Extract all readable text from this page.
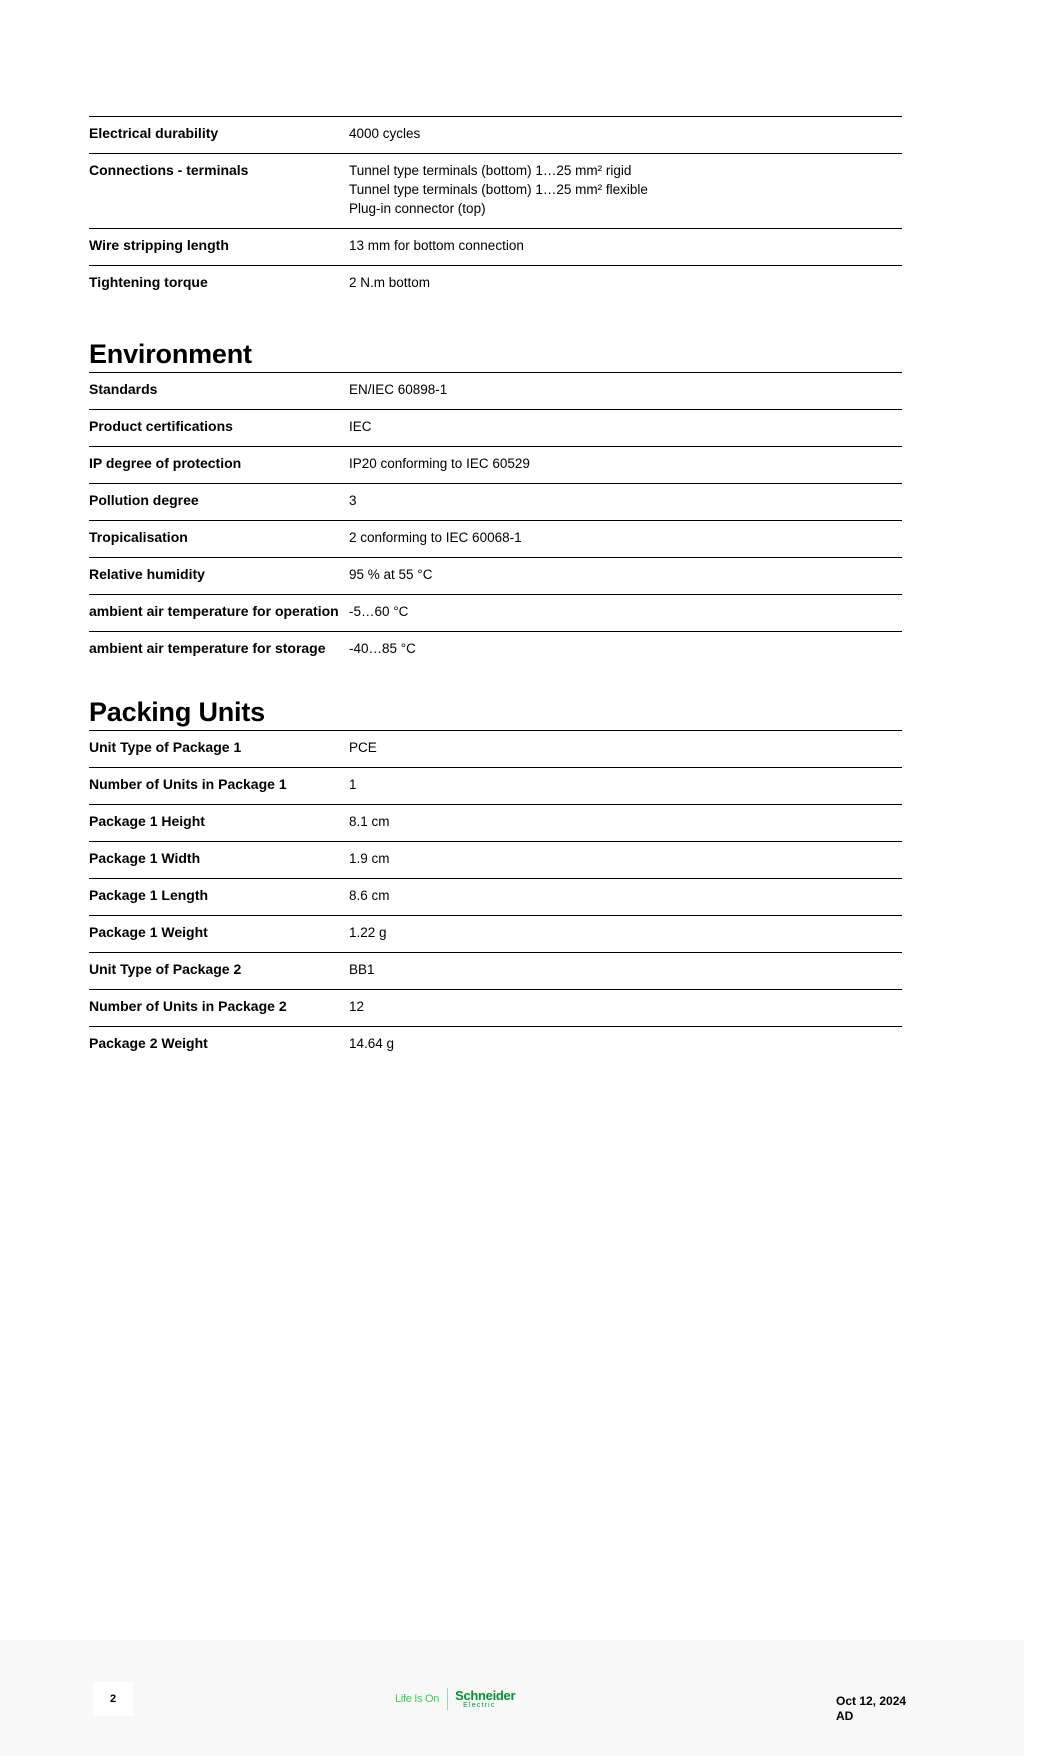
Electrical durability	4000 cycles

Connections - terminals	Tunnel type terminals (bottom) 1…25 mm² rigid
Tunnel type terminals (bottom) 1…25 mm² flexible
Plug-in connector (top)

Wire stripping length	13 mm for bottom connection

Tightening torque	2 N.m bottom
Environment
Standards	EN/IEC 60898-1

Product certifications	IEC

IP degree of protection	IP20 conforming to IEC 60529

Pollution degree	3

Tropicalisation	2 conforming to IEC 60068-1

Relative humidity	95 % at 55 °C

ambient air temperature for operation	-5…60 °C

ambient air temperature for storage	-40…85 °C
Packing Units
Unit Type of Package 1	PCE

Number of Units in Package 1	1

Package 1 Height	8.1 cm

Package 1 Width	1.9 cm

Package 1 Length	8.6 cm

Package 1 Weight	1.22 g

Unit Type of Package 2	BB1

Number of Units in Package 2	12

Package 2 Weight	14.64 g
2	Life Is On Schneider
Electric	Oct 12, 2024
AD
